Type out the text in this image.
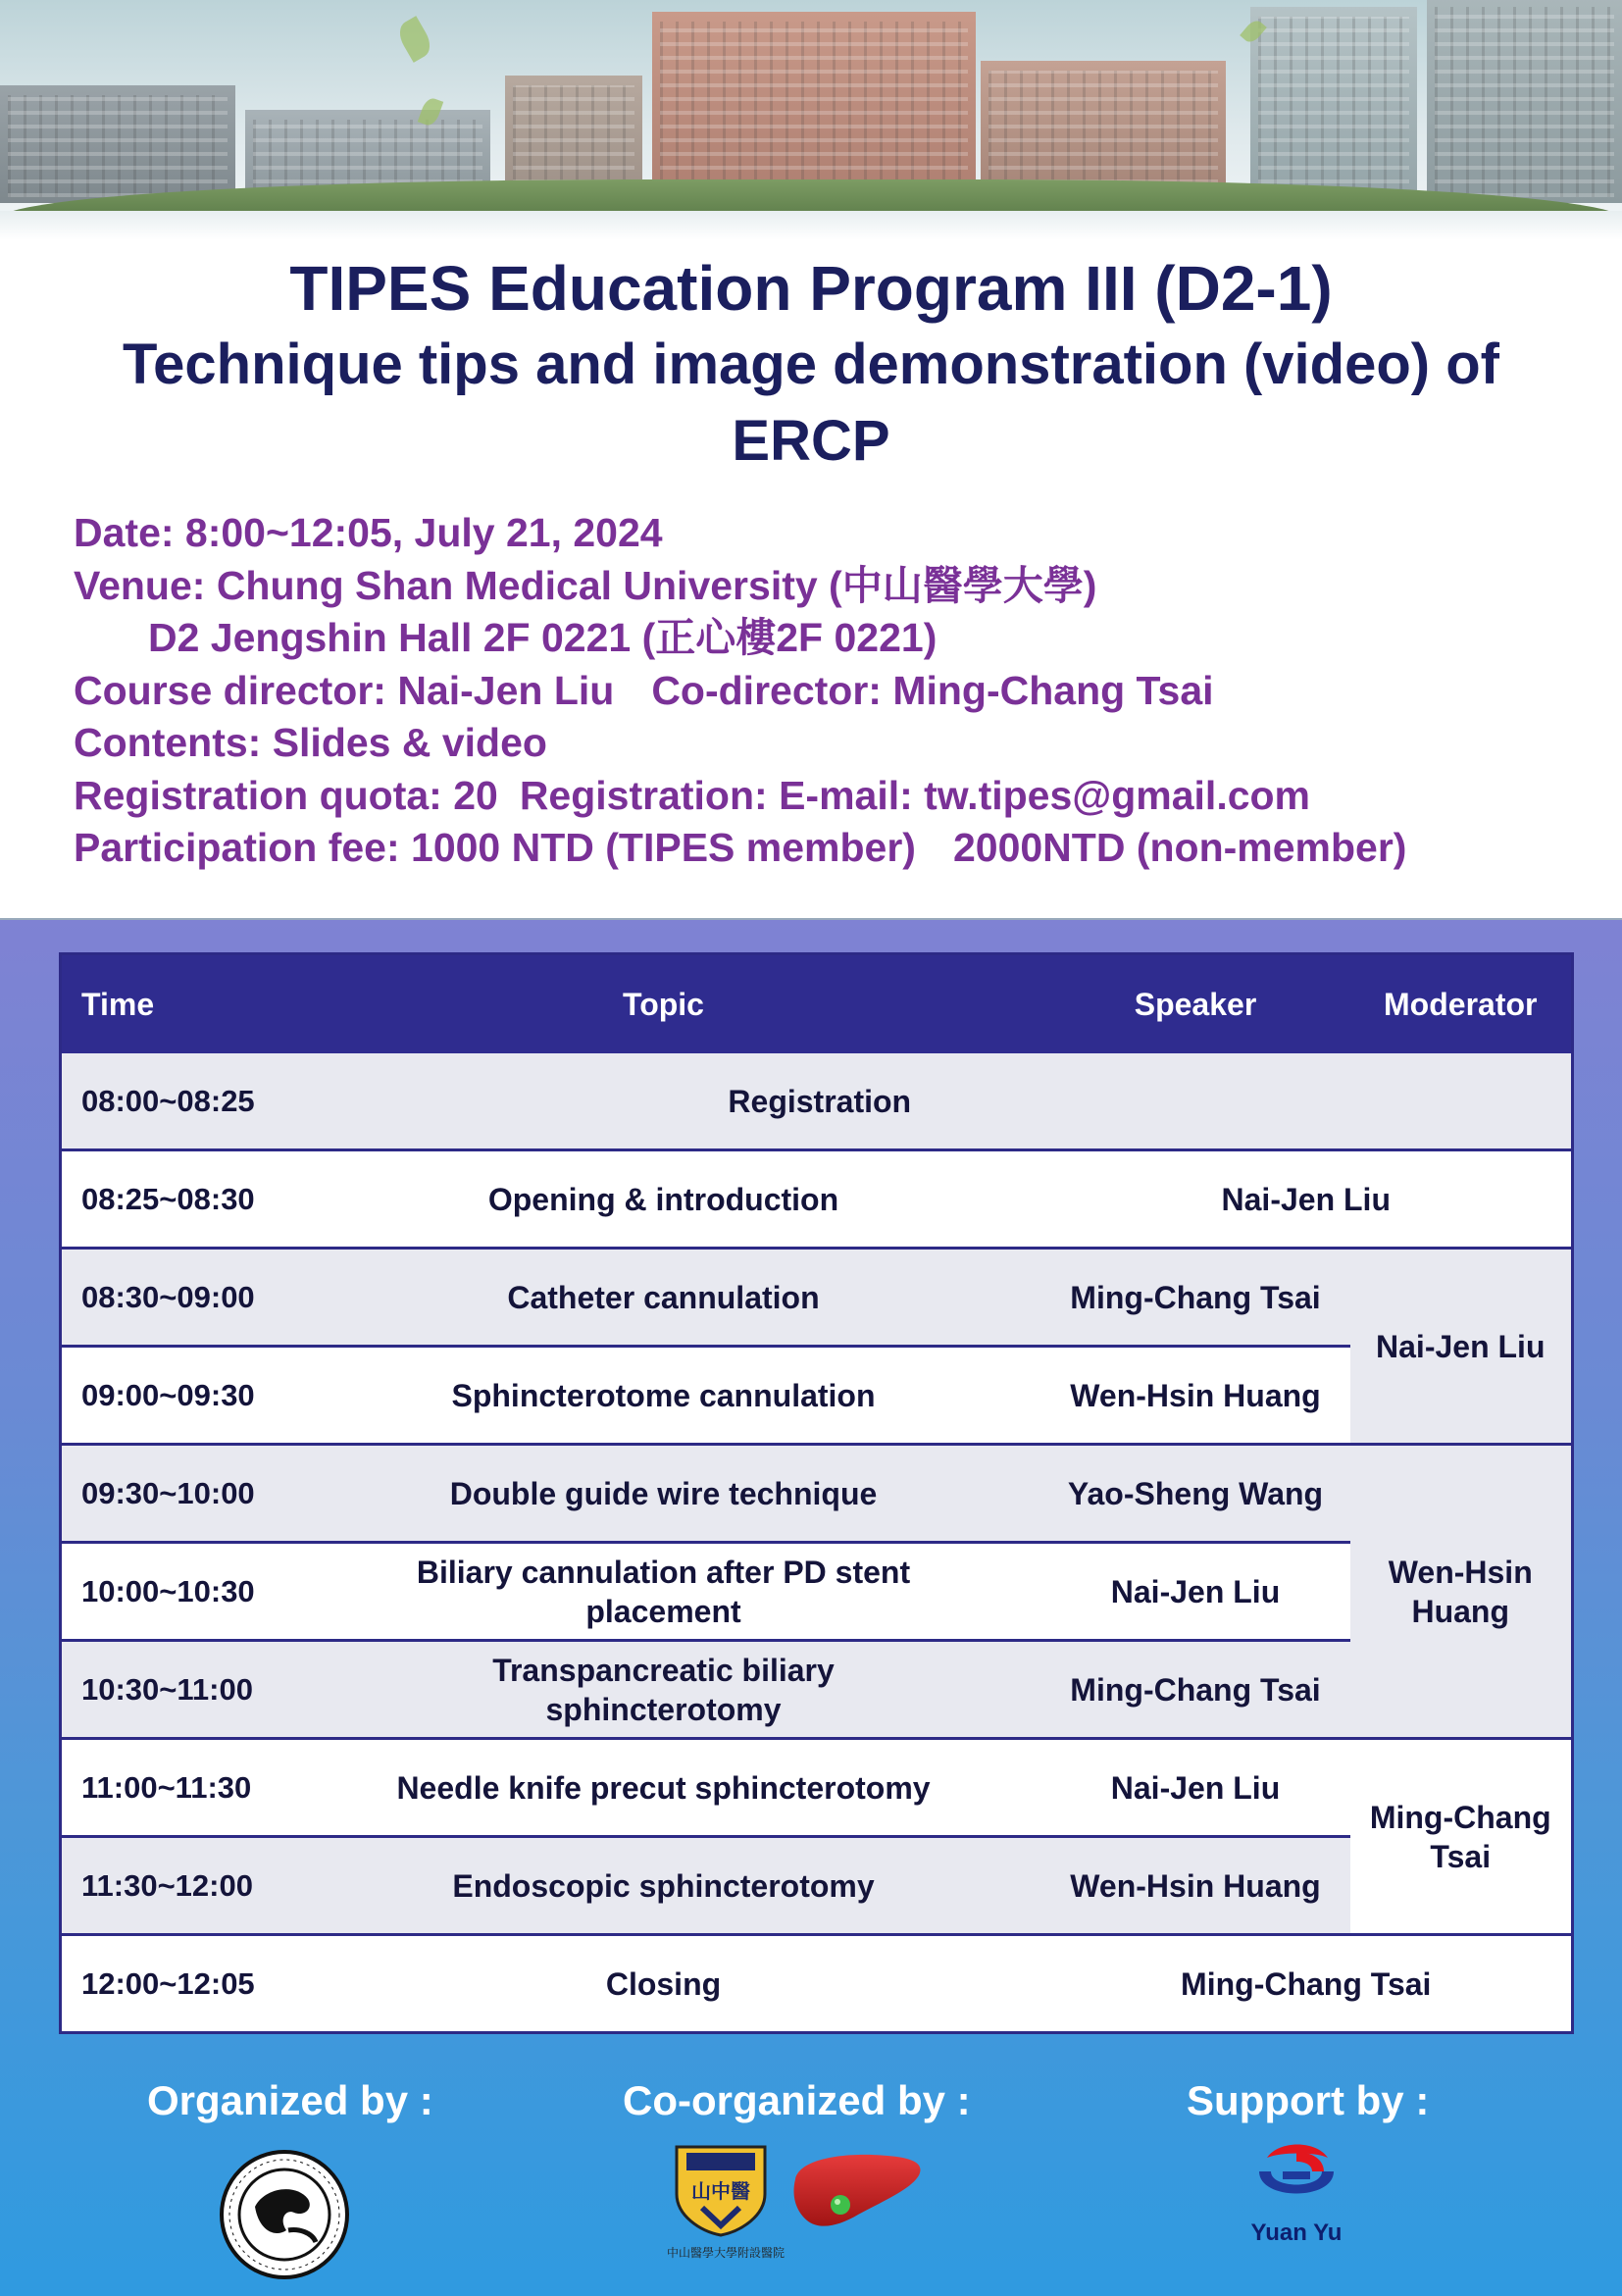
TIPES Education Program III (D2-1)
Technique tips and image demonstration (video) of
ERCP
Date: 8:00~12:05, July 21, 2024
Venue: Chung Shan Medical University (中山醫學大學)
D2 Jengshin Hall 2F 0221 (正心樓2F 0221)
Course director: Nai-Jen Liu Co-director: Ming-Chang Tsai
Contents: Slides & video
Registration quota: 20 Registration: E-mail: tw.tipes@gmail.com
Participation fee: 1000 NTD (TIPES member) 2000NTD (non-member)
Time	Topic	Speaker	Moderator
08:00~08:25	Registration		
08:25~08:30	Opening & introduction	Nai-Jen Liu	
08:30~09:00	Catheter cannulation	Ming-Chang Tsai	Nai-Jen Liu
09:00~09:30	Sphincterotome cannulation	Wen-Hsin Huang	
09:30~10:00	Double guide wire technique	Yao-Sheng Wang	Wen-Hsin Huang
10:00~10:30	Biliary cannulation after PD stent
placement	Nai-Jen Liu	
10:30~11:00	Transpancreatic biliary
sphincterotomy	Ming-Chang Tsai	
11:00~11:30	Needle knife precut sphincterotomy	Nai-Jen Liu	Ming-Chang Tsai
11:30~12:00	Endoscopic sphincterotomy	Wen-Hsin Huang	
12:00~12:05	Closing	Ming-Chang Tsai	
Organized by :	Co-organized by :	Support by :
山中醫
中山醫學大學附設醫院
Yuan Yu
